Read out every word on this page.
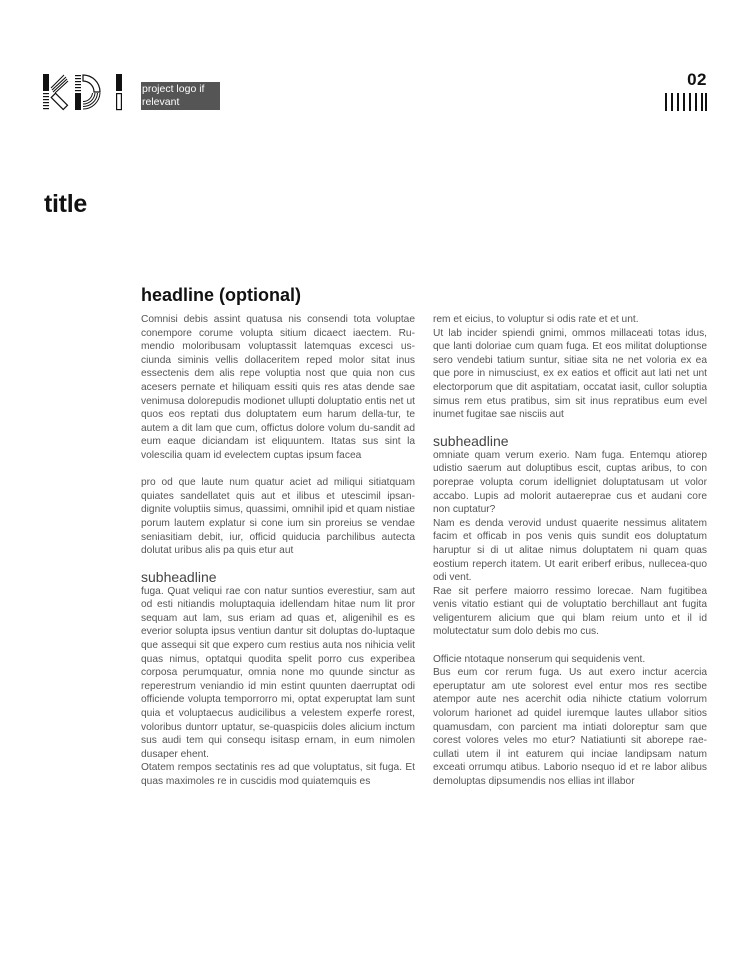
project logo if relevant
02
title
headline (optional)

Comnisi debis assint quatusa nis consendi tota voluptae conempore corume volupta sitium dicaect iaectem. Ru-mendio moloribusam voluptassit latemquas excesci us-ciunda siminis vellis dollaceritem reped molor sitat inus essectenis dem alis repe voluptia nost que quia non cus acesers pernate et hiliquam essiti quis res atas dende sae venimusa dolorepudis modionet ullupti doluptatio entis net ut quos eos reptati dus doluptatem eum harum della-tur, te autem a dit lam que cum, offictus dolore volum du-sandit ad eum eaque diciandam ist eliquuntem. Itatas sus sint la volescilia quam id evelectem cuptas ipsum facea

pro od que laute num quatur aciet ad miliqui sitiatquam quiates sandellatet quis aut et ilibus et utescimil ipsan-dignite voluptiis simus, quassimi, omnihil ipid et quam nistiae porum lautem explatur si cone ium sin proreius se vendae seniasitiam debit, iur, officid quiducia parchilibus autecta dolutat uribus alis pa quis etur aut

subheadline

fuga. Quat veliqui rae con natur suntios everestiur, sam aut od esti nitiandis moluptaquia idellendam hitae num lit pror sequam aut lam, sus eriam ad quas et, aligenihil es es everior solupta ipsus ventiun dantur sit doluptas do-luptaque que assequi sit que expero cum restius auta nos nihicia velit quas nimus, optatqui quodita spelit porro cus experibea corposa perumquatur, omnia none mo quunde sinctur as reperestrum veniandio id min estint quunten daerruptat odi officiende volupta temporrorro mi, optat experuptat lam sunt quia et voluptaecus audicilibus a velestem experfe rorest, voloribus duntorr uptatur, se-quaspiciis doles alicium inctum sus audi tem qui consequ isitasp ernam, in eum nimolen dusaper ehent.

Otatem rempos sectatinis res ad que voluptatus, sit fuga. Et quas maximoles re in cuscidis mod quiatemquis es

rem et eicius, to voluptur si odis rate et et unt.

Ut lab incider spiendi gnimi, ommos millaceati totas idus, que lanti doloriae cum quam fuga. Et eos militat doluptionse sero vendebi tatium suntur, sitiae sita ne net voloria ex ea que pore in nimusciust, ex ex eatios et officit aut lati net unt electorporum que dit aspitatiam, occatat iasit, cullor soluptia simus rem etus pratibus, sim sit inus repratibus eum evel inumet fugitae sae nisciis aut

subheadline

omniate quam verum exerio. Nam fuga. Entemqu atiorep udistio saerum aut doluptibus escit, cuptas aribus, to con poreprae volupta corum idelligniet doluptatusam ut volor accabo. Lupis ad molorit autaereprae cus et audani core non cuptatur?

Nam es denda verovid undust quaerite nessimus alitatem facim et officab in pos venis quis sundit eos doluptatum haruptur si di ut alitae nimus doluptatem ni quam quas eostium reperch itatem. Ut earit eriberf eribus, nullecea-quo odi vent.

Rae sit perfere maiorro ressimo lorecae. Nam fugitibea venis vitatio estiant qui de voluptatio berchillaut ant fugita veligenturem alicium que qui blam reium unto et il id molutectatur sum dolo debis mo cus.

Officie ntotaque nonserum qui sequidenis vent.

Bus eum cor rerum fuga. Us aut exero inctur acercia eperuptatur am ute solorest evel entur mos res sectibe atempor aute nes acerchit odia nihicte ctatium volorrum volorum harionet ad quidel iuremque lautes ullabor sitios quamusdam, con parcient ma intiati doloreptur sam que corest volores veles mo etur? Natiatiunti sit aborepe rae-cullati utem il int eaturem qui inciae landipsam natum exceati orrumqu atibus. Laborio nsequo id et re labor alibus demoluptas dipsumendis nos ellias int illabor
